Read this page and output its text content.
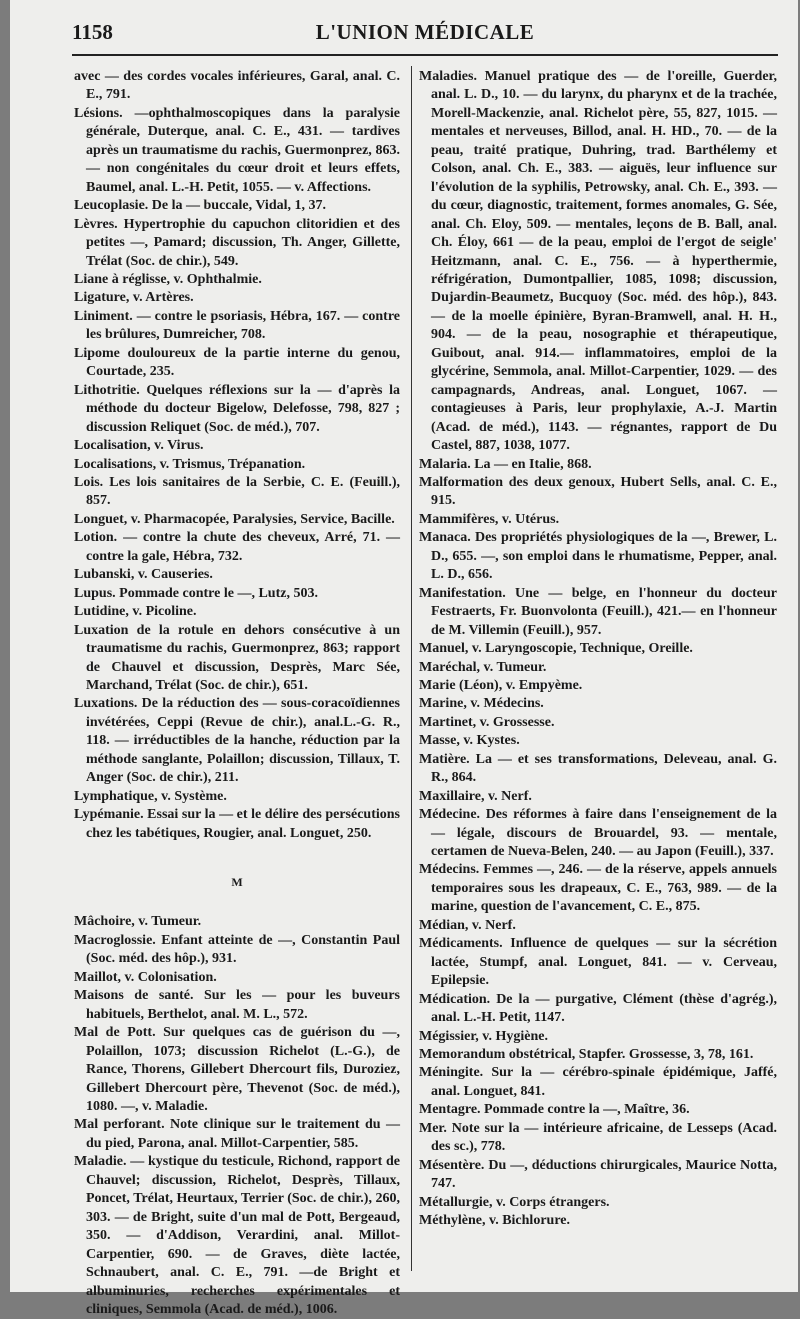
1158	L'UNION MÉDICALE

avec — des cordes vocales inférieures, Garal, anal. C. E., 791.

Lésions. —ophthalmoscopiques dans la paralysie générale, Duterque, anal. C. E., 431. — tardives après un traumatisme du rachis, Guermonprez, 863. — non congénitales du cœur droit et leurs effets, Baumel, anal. L.-H. Petit, 1055. — v. Affections.

Leucoplasie. De la — buccale, Vidal, 1, 37.

Lèvres. Hypertrophie du capuchon clitoridien et des petites —, Pamard; discussion, Th. Anger, Gillette, Trélat (Soc. de chir.), 549.

Liane à réglisse, v. Ophthalmie.

Ligature, v. Artères.

Liniment. — contre le psoriasis, Hébra, 167. — contre les brûlures, Dumreicher, 708.

Lipome douloureux de la partie interne du genou, Courtade, 235.

Lithotritie. Quelques réflexions sur la — d'après la méthode du docteur Bigelow, Delefosse, 798, 827 ; discussion Reliquet (Soc. de méd.), 707.

Localisation, v. Virus.

Localisations, v. Trismus, Trépanation.

Lois. Les lois sanitaires de la Serbie, C. E. (Feuill.), 857.

Longuet, v. Pharmacopée, Paralysies, Service, Bacille.

Lotion. — contre la chute des cheveux, Arré, 71. — contre la gale, Hébra, 732.

Lubanski, v. Causeries.

Lupus. Pommade contre le —, Lutz, 503.

Lutidine, v. Picoline.

Luxation de la rotule en dehors consécutive à un traumatisme du rachis, Guermonprez, 863; rapport de Chauvel et discussion, Desprès, Marc Sée, Marchand, Trélat (Soc. de chir.), 651.

Luxations. De la réduction des — sous-coracoïdiennes invétérées, Ceppi (Revue de chir.), anal.L.-G. R., 118. — irréductibles de la hanche, réduction par la méthode sanglante, Polaillon; discussion, Tillaux, T. Anger (Soc. de chir.), 211.

Lymphatique, v. Système.

Lypémanie. Essai sur la — et le délire des persécutions chez les tabétiques, Rougier, anal. Longuet, 250.

M

Mâchoire, v. Tumeur.

Macroglossie. Enfant atteinte de —, Constantin Paul (Soc. méd. des hôp.), 931.

Maillot, v. Colonisation.

Maisons de santé. Sur les — pour les buveurs habituels, Berthelot, anal. M. L., 572.

Mal de Pott. Sur quelques cas de guérison du —, Polaillon, 1073; discussion Richelot (L.-G.), de Rance, Thorens, Gillebert Dhercourt fils, Duroziez, Gillebert Dhercourt père, Thevenot (Soc. de méd.), 1080. —, v. Maladie.

Mal perforant. Note clinique sur le traitement du — du pied, Parona, anal. Millot-Carpentier, 585.

Maladie. — kystique du testicule, Richond, rapport de Chauvel; discussion, Richelot, Desprès, Tillaux, Poncet, Trélat, Heurtaux, Terrier (Soc. de chir.), 260, 303. — de Bright, suite d'un mal de Pott, Bergeaud, 350. — d'Addison, Verardini, anal. Millot-Carpentier, 690. — de Graves, diète lactée, Schnaubert, anal. C. E., 791. —de Bright et albuminuries, recherches expérimentales et cliniques, Semmola (Acad. de méd.), 1006.

Maladies. Manuel pratique des — de l'oreille, Guerder, anal. L. D., 10. — du larynx, du pharynx et de la trachée, Morell-Mackenzie, anal. Richelot père, 55, 827, 1015. — mentales et nerveuses, Billod, anal. H. HD., 70. — de la peau, traité pratique, Duhring, trad. Barthélemy et Colson, anal. Ch. E., 383. — aiguës, leur influence sur l'évolution de la syphilis, Petrowsky, anal. Ch. E., 393. — du cœur, diagnostic, traitement, formes anomales, G. Sée, anal. Ch. Eloy, 509. — mentales, leçons de B. Ball, anal. Ch. Éloy, 661 — de la peau, emploi de l'ergot de seigle' Heitzmann, anal. C. E., 756. — à hyperthermie, réfrigération, Dumontpallier, 1085, 1098; discussion, Dujardin-Beaumetz, Bucquoy (Soc. méd. des hôp.), 843. — de la moelle épinière, Byran-Bramwell, anal. H. H., 904. — de la peau, nosographie et thérapeutique, Guibout, anal. 914.— inflammatoires, emploi de la glycérine, Semmola, anal. Millot-Carpentier, 1029. — des campagnards, Andreas, anal. Longuet, 1067. — contagieuses à Paris, leur prophylaxie, A.-J. Martin (Acad. de méd.), 1143. — régnantes, rapport de Du Castel, 887, 1038, 1077.

Malaria. La — en Italie, 868.

Malformation des deux genoux, Hubert Sells, anal. C. E., 915.

Mammifères, v. Utérus.

Manaca. Des propriétés physiologiques de la —, Brewer, L. D., 655. —, son emploi dans le rhumatisme, Pepper, anal. L. D., 656.

Manifestation. Une — belge, en l'honneur du docteur Festraerts, Fr. Buonvolonta (Feuill.), 421.— en l'honneur de M. Villemin (Feuill.), 957.

Manuel, v. Laryngoscopie, Technique, Oreille.

Maréchal, v. Tumeur.

Marie (Léon), v. Empyème.

Marine, v. Médecins.

Martinet, v. Grossesse.

Masse, v. Kystes.

Matière. La — et ses transformations, Deleveau, anal. G. R., 864.

Maxillaire, v. Nerf.

Médecine. Des réformes à faire dans l'enseignement de la — légale, discours de Brouardel, 93. — mentale, certamen de Nueva-Belen, 240. — au Japon (Feuill.), 337.

Médecins. Femmes —, 246. — de la réserve, appels annuels temporaires sous les drapeaux, C. E., 763, 989. — de la marine, question de l'avancement, C. E., 875.

Médian, v. Nerf.

Médicaments. Influence de quelques — sur la sécrétion lactée, Stumpf, anal. Longuet, 841. — v. Cerveau, Epilepsie.

Médication. De la — purgative, Clément (thèse d'agrég.), anal. L.-H. Petit, 1147.

Mégissier, v. Hygiène.

Memorandum obstétrical, Stapfer. Grossesse, 3, 78, 161.

Méningite. Sur la — cérébro-spinale épidémique, Jaffé, anal. Longuet, 841.

Mentagre. Pommade contre la —, Maître, 36.

Mer. Note sur la — intérieure africaine, de Lesseps (Acad. des sc.), 778.

Mésentère. Du —, déductions chirurgicales, Maurice Notta, 747.

Métallurgie, v. Corps étrangers.

Méthylène, v. Bichlorure.
